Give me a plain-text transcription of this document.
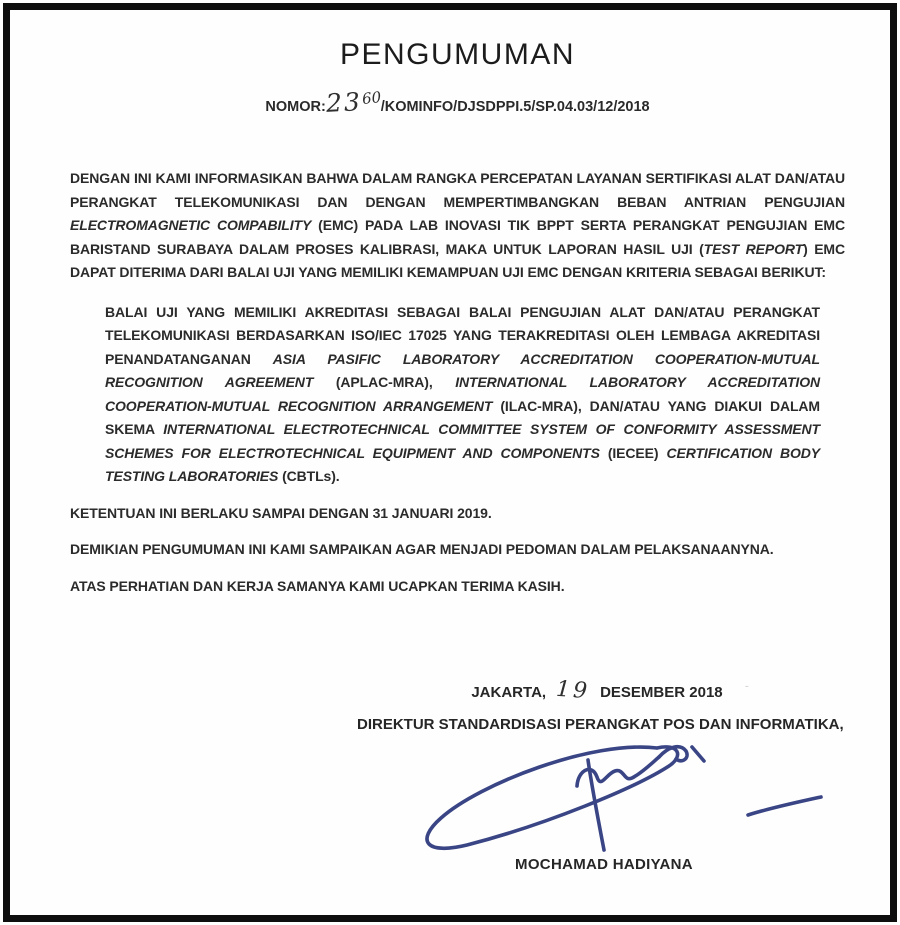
PENGUMUMAN
NOMOR:2360/KOMINFO/DJSDPPI.5/SP.04.03/12/2018
DENGAN INI KAMI INFORMASIKAN BAHWA DALAM RANGKA PERCEPATAN LAYANAN SERTIFIKASI ALAT DAN/ATAU PERANGKAT TELEKOMUNIKASI DAN DENGAN MEMPERTIMBANGKAN BEBAN ANTRIAN PENGUJIAN ELECTROMAGNETIC COMPABILITY (EMC) PADA LAB INOVASI TIK BPPT SERTA PERANGKAT PENGUJIAN EMC BARISTAND SURABAYA DALAM PROSES KALIBRASI, MAKA UNTUK LAPORAN HASIL UJI (TEST REPORT) EMC DAPAT DITERIMA DARI BALAI UJI YANG MEMILIKI KEMAMPUAN UJI EMC DENGAN KRITERIA SEBAGAI BERIKUT:
BALAI UJI YANG MEMILIKI AKREDITASI SEBAGAI BALAI PENGUJIAN ALAT DAN/ATAU PERANGKAT TELEKOMUNIKASI BERDASARKAN ISO/IEC 17025 YANG TERAKREDITASI OLEH LEMBAGA AKREDITASI PENANDATANGANAN ASIA PASIFIC LABORATORY ACCREDITATION COOPERATION-MUTUAL RECOGNITION AGREEMENT (APLAC-MRA), INTERNATIONAL LABORATORY ACCREDITATION COOPERATION-MUTUAL RECOGNITION ARRANGEMENT (ILAC-MRA), DAN/ATAU YANG DIAKUI DALAM SKEMA INTERNATIONAL ELECTROTECHNICAL COMMITTEE SYSTEM OF CONFORMITY ASSESSMENT SCHEMES FOR ELECTROTECHNICAL EQUIPMENT AND COMPONENTS (IECEE) CERTIFICATION BODY TESTING LABORATORIES (CBTLs).
KETENTUAN INI BERLAKU SAMPAI DENGAN 31 JANUARI 2019.
DEMIKIAN PENGUMUMAN INI KAMI SAMPAIKAN AGAR MENJADI PEDOMAN DALAM PELAKSANAANYNA.
ATAS PERHATIAN DAN KERJA SAMANYA KAMI UCAPKAN TERIMA KASIH.
ˍ
JAKARTA, 19 DESEMBER 2018
DIREKTUR STANDARDISASI PERANGKAT POS DAN INFORMATIKA,
MOCHAMAD HADIYANA
